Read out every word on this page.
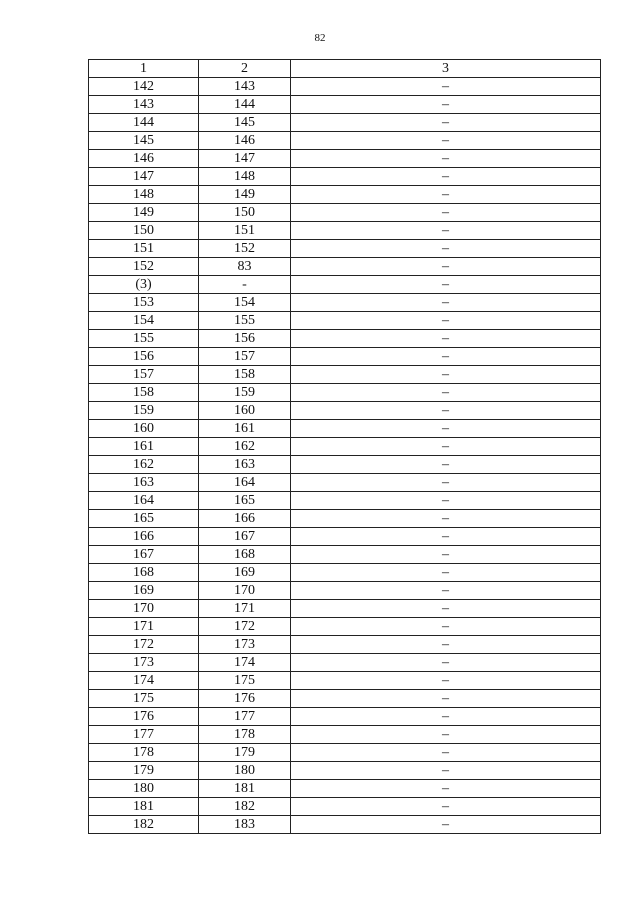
82
1	2	3
142	143	–
143	144	–
144	145	–
145	146	–
146	147	–
147	148	–
148	149	–
149	150	–
150	151	–
151	152	–
152	83	–
(3)	-	–
153	154	–
154	155	–
155	156	–
156	157	–
157	158	–
158	159	–
159	160	–
160	161	–
161	162	–
162	163	–
163	164	–
164	165	–
165	166	–
166	167	–
167	168	–
168	169	–
169	170	–
170	171	–
171	172	–
172	173	–
173	174	–
174	175	–
175	176	–
176	177	–
177	178	–
178	179	–
179	180	–
180	181	–
181	182	–
182	183	–
